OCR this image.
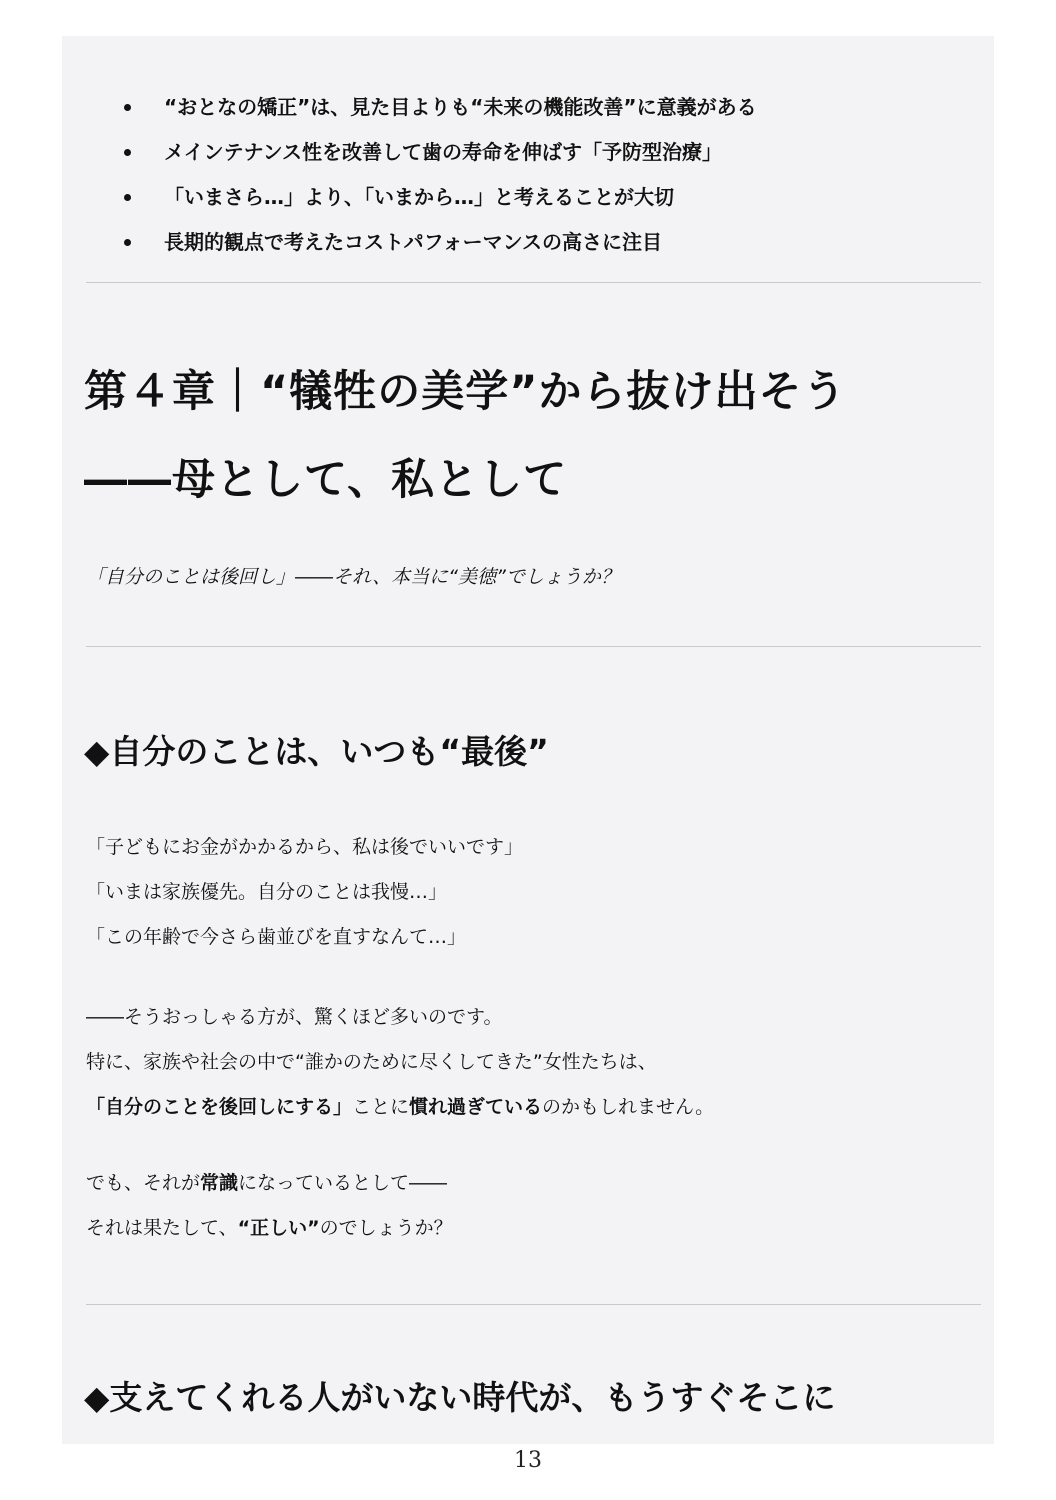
“おとなの矯正”は、見た目よりも“未来の機能改善”に意義がある
メインテナンス性を改善して歯の寿命を伸ばす「予防型治療」
「いまさら…」より、「いまから…」と考えることが大切
長期的観点で考えたコストパフォーマンスの高さに注目
第４章｜“犠牲の美学”から抜け出そう
――母として、私として
「自分のことは後回し」――それ、本当に“美徳”でしょうか？
◆自分のことは、いつも“最後”
「子どもにお金がかかるから、私は後でいいです」
「いまは家族優先。自分のことは我慢…」
「この年齢で今さら歯並びを直すなんて…」
――そうおっしゃる方が、驚くほど多いのです。
特に、家族や社会の中で“誰かのために尽くしてきた”女性たちは、
「自分のことを後回しにする」ことに慣れ過ぎているのかもしれません。
でも、それが常識になっているとして――
それは果たして、“正しい”のでしょうか？
◆支えてくれる人がいない時代が、もうすぐそこに
13
